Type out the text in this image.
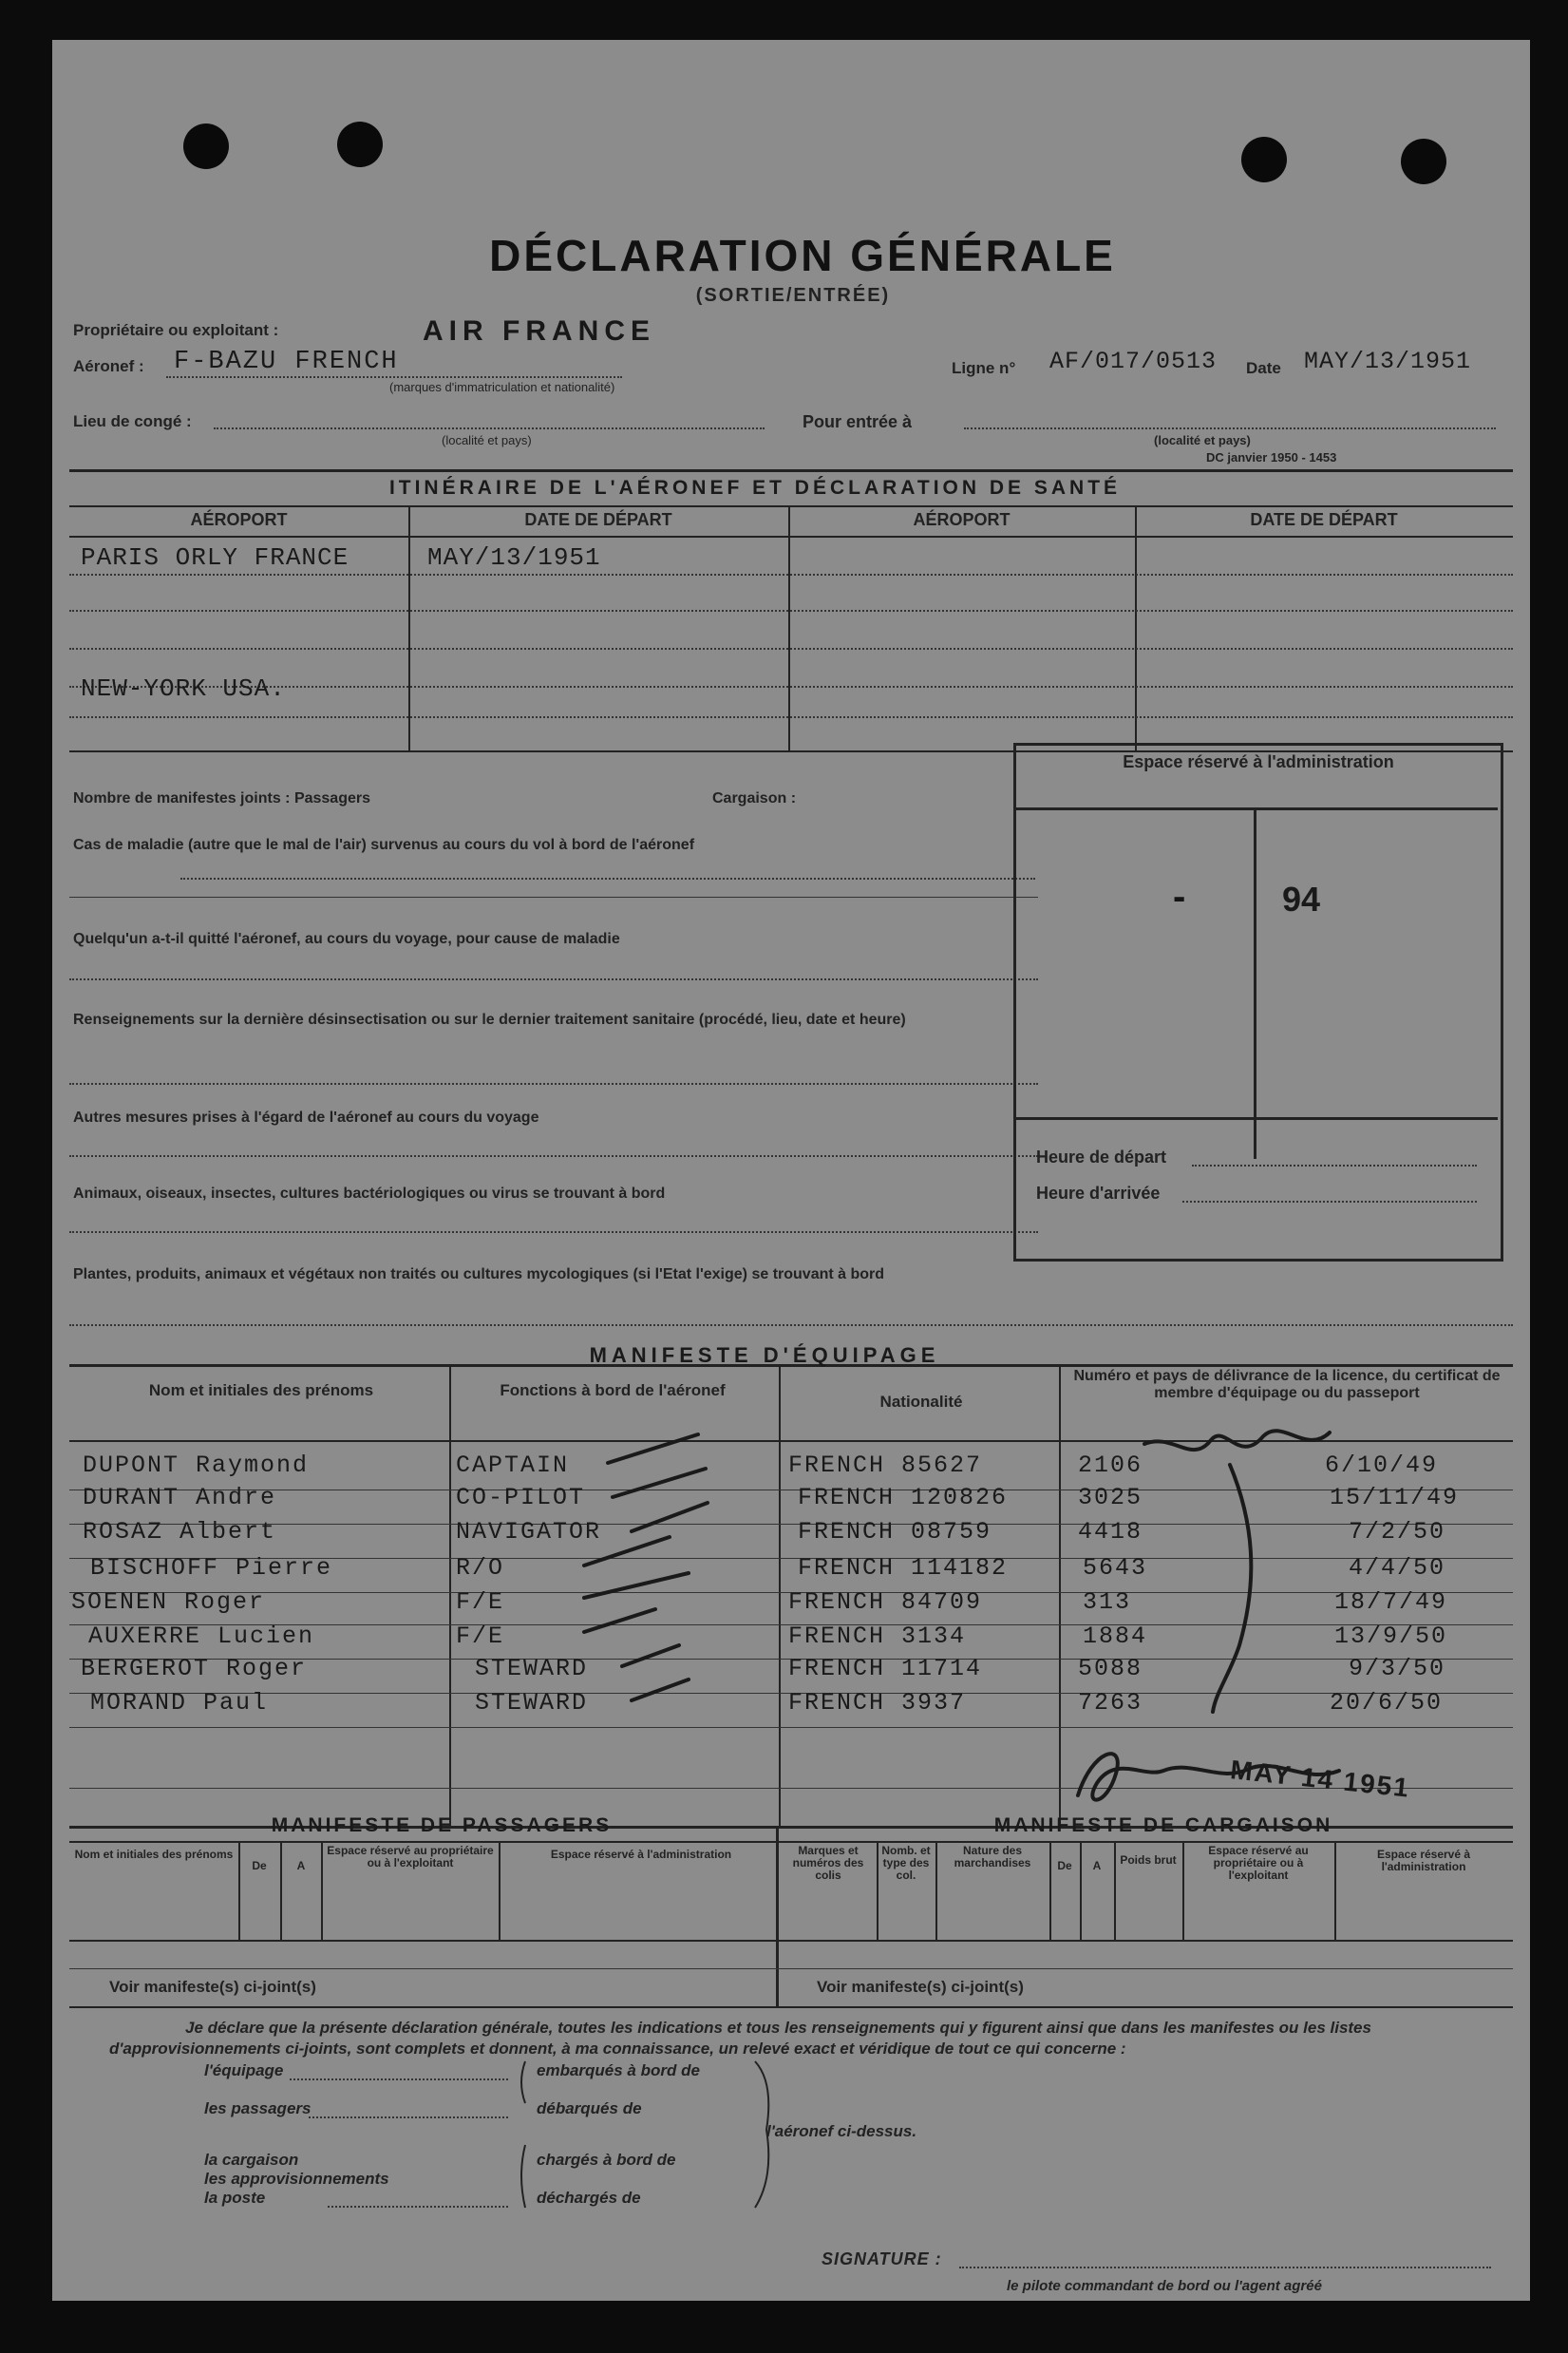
DÉCLARATION GÉNÉRALE
(SORTIE/ENTRÉE)
Propriétaire ou exploitant :	AIR FRANCE
Aéronef : F-BAZU FRENCH
(marques d'immatriculation et nationalité)
Ligne n° AF/017/0513 Date MAY/13/1951
Lieu de congé :
(localité et pays)
Pour entrée à
(localité et pays)
DC janvier 1950 - 1453
ITINÉRAIRE DE L'AÉRONEF ET DÉCLARATION DE SANTÉ
AÉROPORT	DATE DE DÉPART	AÉROPORT	DATE DE DÉPART
PARIS ORLY FRANCE	MAY/13/1951
NEW-YORK USA.
Nombre de manifestes joints : Passagers	Cargaison :
Cas de maladie (autre que le mal de l'air) survenus au cours du vol à bord de l'aéronef
Quelqu'un a-t-il quitté l'aéronef, au cours du voyage, pour cause de maladie
Renseignements sur la dernière désinsectisation ou sur le dernier traitement sanitaire (procédé, lieu, date et heure)
Autres mesures prises à l'égard de l'aéronef au cours du voyage
Animaux, oiseaux, insectes, cultures bactériologiques ou virus se trouvant à bord
Plantes, produits, animaux et végétaux non traités ou cultures mycologiques (si l'Etat l'exige) se trouvant à bord
Espace réservé à l'administration
-	94
Heure de départ
Heure d'arrivée
MANIFESTE D'ÉQUIPAGE
Nom et initiales des prénoms	Fonctions à bord de l'aéronef
Nationalité
Numéro et pays de délivrance de la licence, du certificat de membre d'équipage ou du passeport
DUPONT Raymond	CAPTAIN	FRENCH 85627	2106	6/10/49
DURANT Andre	CO-PILOT	FRENCH 120826	3025	15/11/49
ROSAZ Albert	NAVIGATOR	FRENCH 08759	4418	7/2/50
BISCHOFF Pierre	R/O	FRENCH 114182	5643	4/4/50
SOENEN Roger	F/E	FRENCH 84709	313	18/7/49
AUXERRE Lucien	F/E	FRENCH 3134	1884	13/9/50
BERGEROT Roger	STEWARD	FRENCH 11714	5088	9/3/50
MORAND Paul	STEWARD	FRENCH 3937	7263	20/6/50
MAY 14 1951
MANIFESTE DE PASSAGERS	MANIFESTE DE CARGAISON
Nom et initiales des prénoms
De	A
Espace réservé au propriétaire ou à l'exploitant
Espace réservé à l'administration
Voir manifeste(s) ci-joint(s)
Marques et numéros des colis
Nomb. et type des col.
Nature des marchandises	De	A	Poids brut
Espace réservé au propriétaire ou à l'exploitant
Espace réservé à l'administration
Voir manifeste(s) ci-joint(s)
Je déclare que la présente déclaration générale, toutes les indications et tous les renseignements qui y figurent ainsi que dans les manifestes ou les listes d'approvisionnements ci-joints, sont complets et donnent, à ma connaissance, un relevé exact et véridique de tout ce qui concerne :
l'équipage	embarqués à bord de
les passagers	débarqués de
l'aéronef ci-dessus.
la cargaison
les approvisionnements
la poste
chargés à bord de
déchargés de
SIGNATURE :
le pilote commandant de bord ou l'agent agréé
